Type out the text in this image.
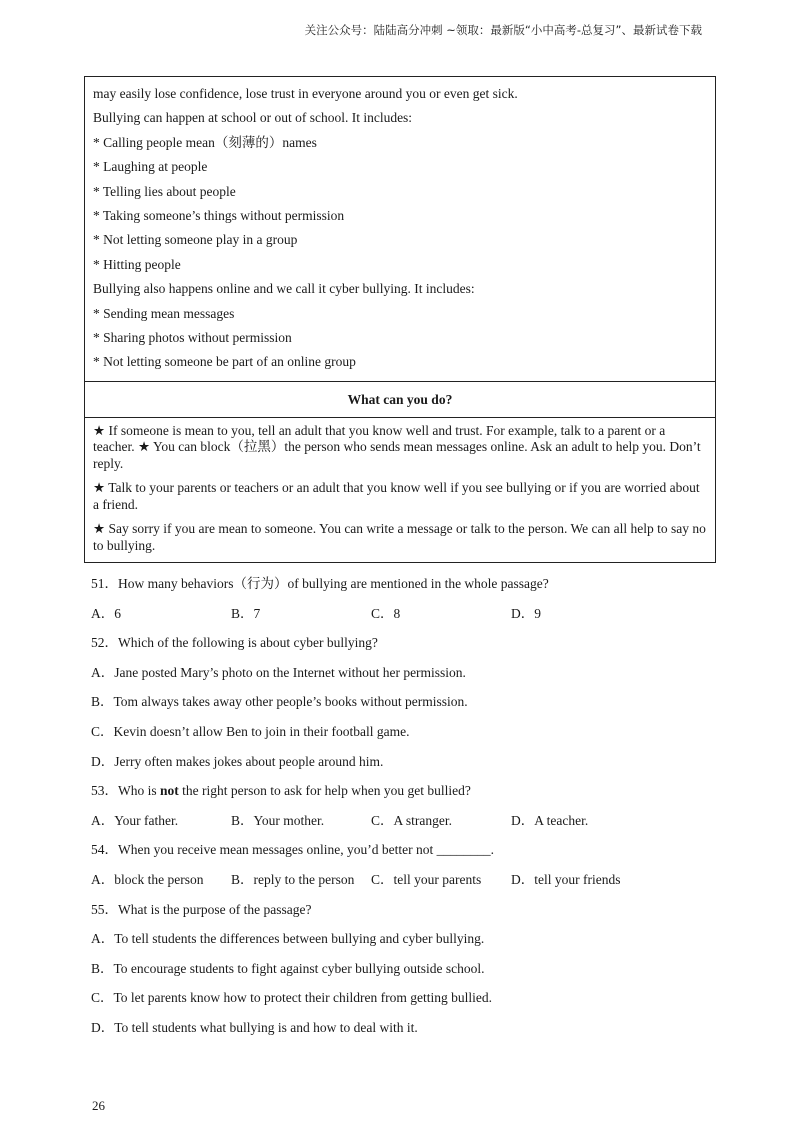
关注公众号：陆陆高分冲刺 ~领取：最新版“小中高考-总复习”、最新试卷下载
may easily lose confidence, lose trust in everyone around you or even get sick.
Bullying can happen at school or out of school. It includes:
* Calling people mean（刻薄的）names
* Laughing at people
* Telling lies about people
* Taking someone’s things without permission
* Not letting someone play in a group
* Hitting people
Bullying also happens online and we call it cyber bullying. It includes:
* Sending mean messages
* Sharing photos without permission
* Not letting someone be part of an online group
What can you do?
★ If someone is mean to you, tell an adult that you know well and trust. For example, talk to a parent or a teacher. ★ You can block（拉黑）the person who sends mean messages online. Ask an adult to help you. Don’t reply.
★ Talk to your parents or teachers or an adult that you know well if you see bullying or if you are worried about a friend.
★ Say sorry if you are mean to someone. You can write a message or talk to the person. We can all help to say no to bullying.
51．How many behaviors（行为）of bullying are mentioned in the whole passage?
A．6	B．7	C．8	D．9
52．Which of the following is about cyber bullying?
A．Jane posted Mary’s photo on the Internet without her permission.
B．Tom always takes away other people’s books without permission.
C．Kevin doesn’t allow Ben to join in their football game.
D．Jerry often makes jokes about people around him.
53．Who is not the right person to ask for help when you get bullied?
A．Your father.	B．Your mother.	C．A stranger.	D．A teacher.
54．When you receive mean messages online, you’d better not ________.
A．block the person	B．reply to the person	C．tell your parents	D．tell your friends
55．What is the purpose of the passage?
A．To tell students the differences between bullying and cyber bullying.
B．To encourage students to fight against cyber bullying outside school.
C．To let parents know how to protect their children from getting bullied.
D．To tell students what bullying is and how to deal with it.
26
